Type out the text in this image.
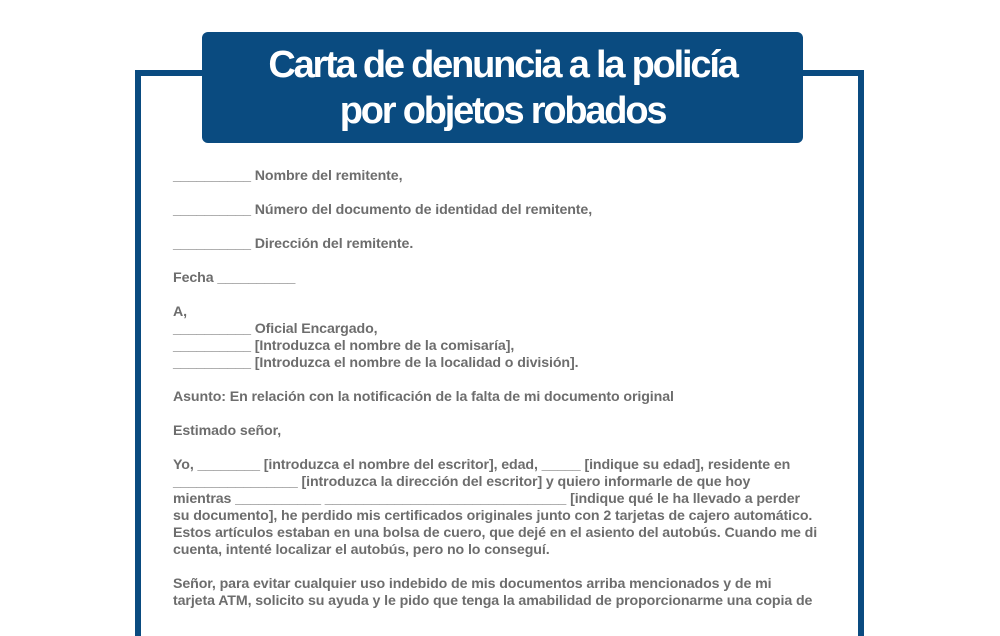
Carta de denuncia a la policía
por objetos robados

__________ Nombre del remitente,

__________ Número del documento de identidad del remitente,

__________ Dirección del remitente.

Fecha __________

A,
__________ Oficial Encargado,
__________ [Introduzca el nombre de la comisaría],
__________ [Introduzca el nombre de la localidad o división].

Asunto: En relación con la notificación de la falta de mi documento original

Estimado señor,

Yo, ________ [introduzca el nombre del escritor], edad, _____ [indique su edad], residente en
________________ [introduzca la dirección del escritor] y quiero informarle de que hoy
mientras ___________ _______________________________ [indique qué le ha llevado a perder
su documento], he perdido mis certificados originales junto con 2 tarjetas de cajero automático.
Estos artículos estaban en una bolsa de cuero, que dejé en el asiento del autobús. Cuando me di
cuenta, intenté localizar el autobús, pero no lo conseguí.

Señor, para evitar cualquier uso indebido de mis documentos arriba mencionados y de mi
tarjeta ATM, solicito su ayuda y le pido que tenga la amabilidad de proporcionarme una copia de
